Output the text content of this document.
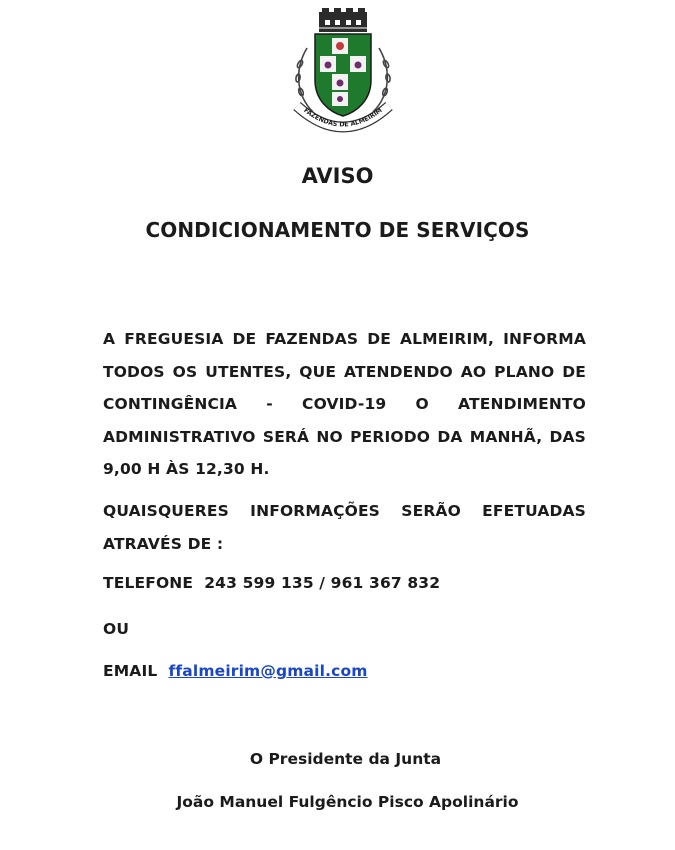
FAZENDAS DE ALMEIRIM
AVISO
CONDICIONAMENTO DE SERVIÇOS

A FREGUESIA DE FAZENDAS DE ALMEIRIM, INFORMA TODOS OS UTENTES, QUE ATENDENDO AO PLANO DE CONTINGÊNCIA - COVID-19 O ATENDIMENTO ADMINISTRATIVO SERÁ NO PERIODO DA MANHÃ, DAS 9,00 H ÀS 12,30 H.

QUAISQUERES INFORMAÇÕES SERÃO EFETUADAS ATRAVÉS DE :

TELEFONE 243 599 135 / 961 367 832

OU

EMAIL ffalmeirim@gmail.com

O Presidente da Junta

João Manuel Fulgêncio Pisco Apolinário
